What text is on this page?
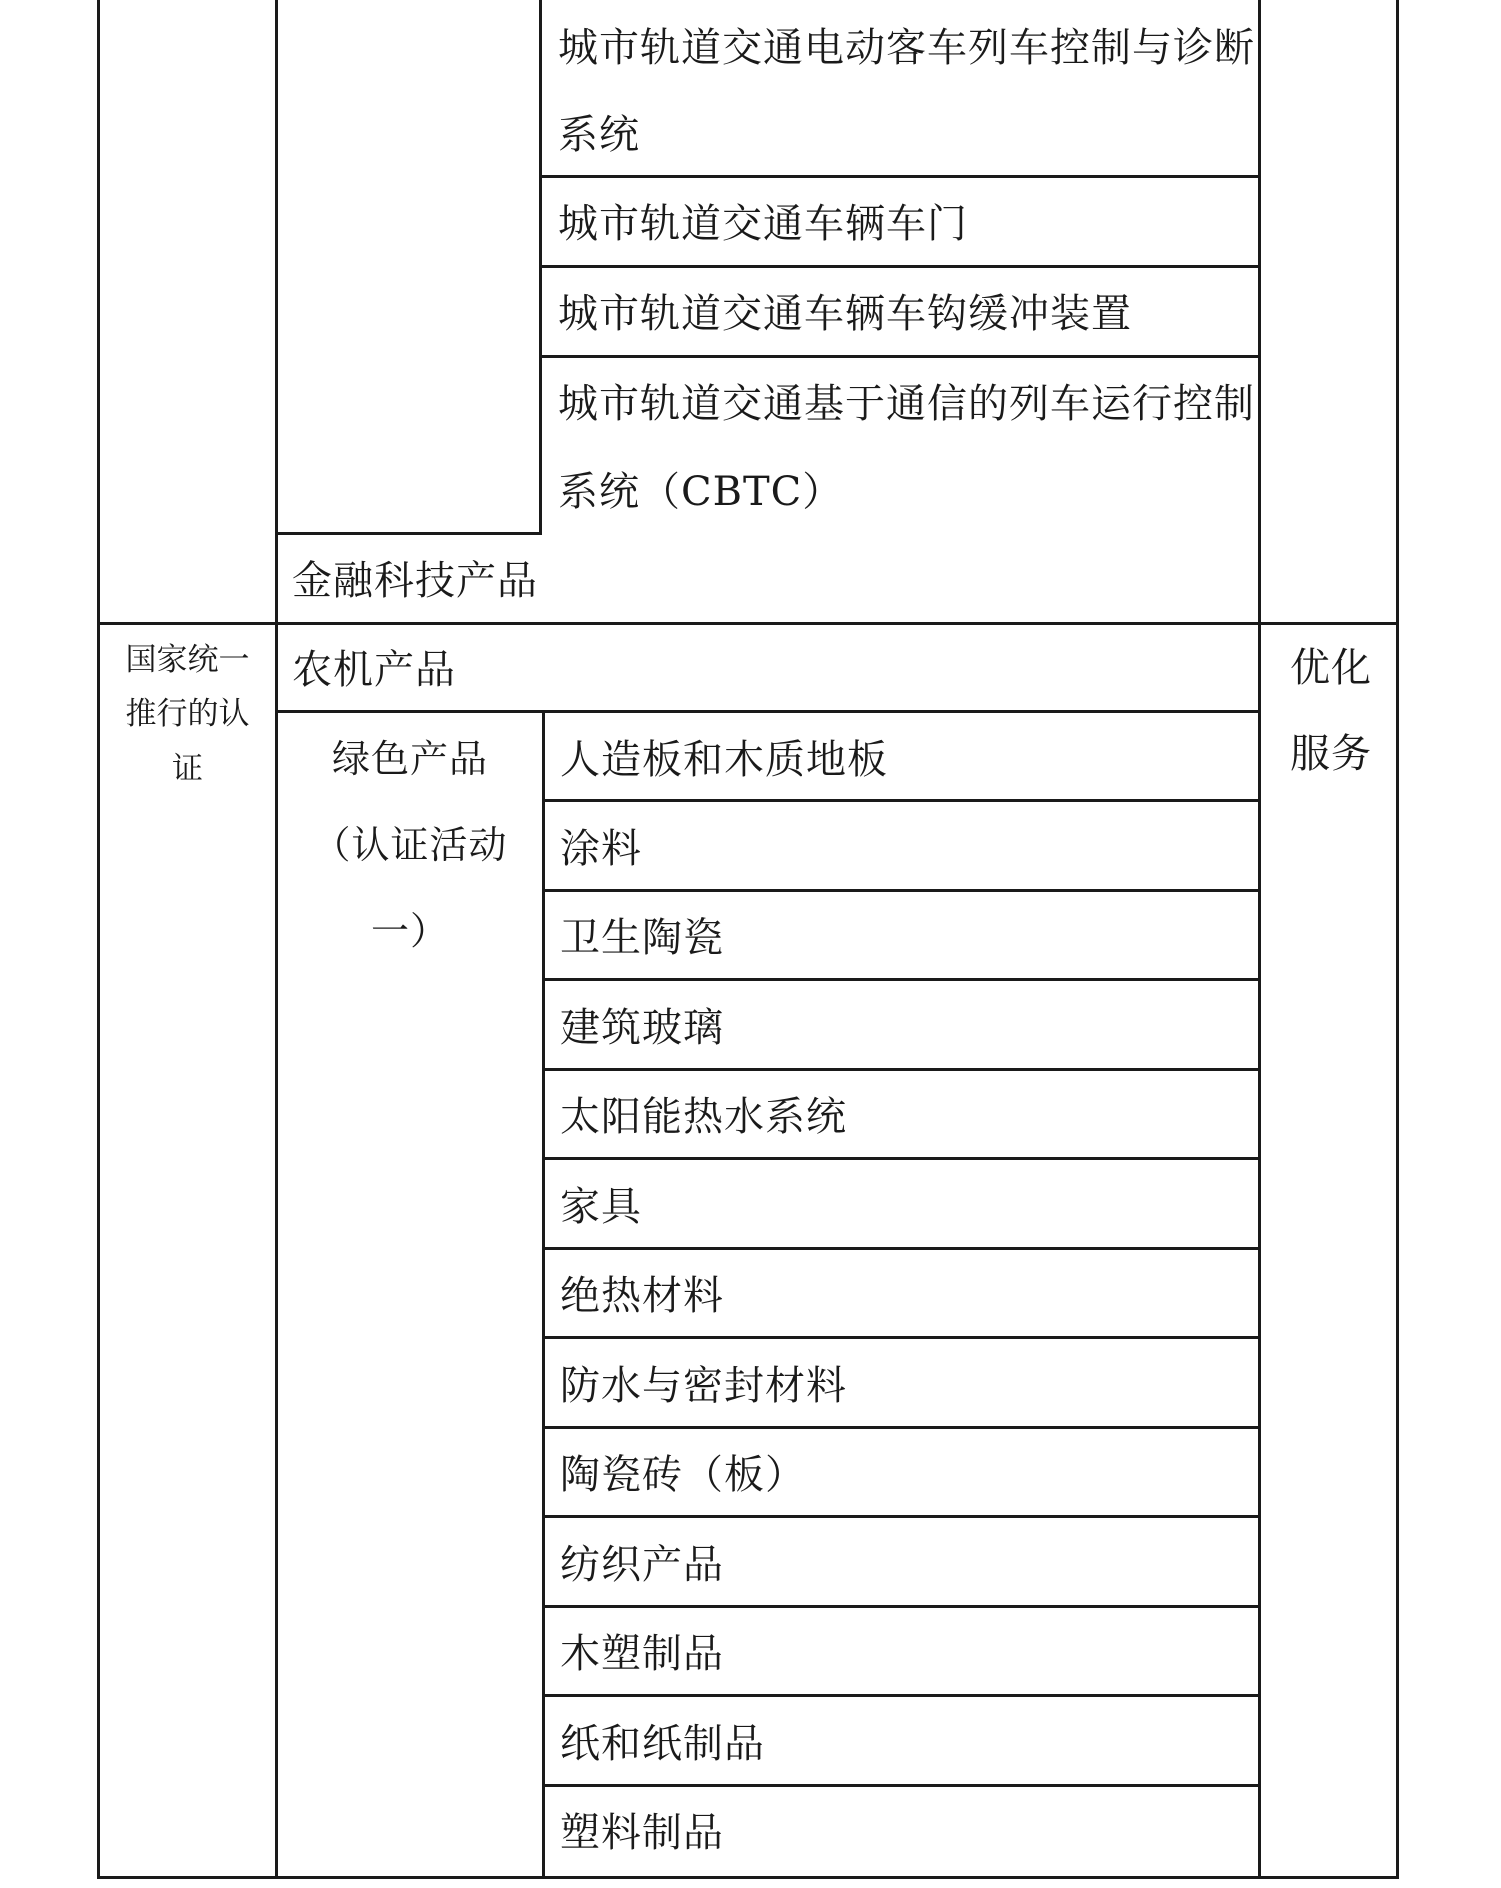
城市轨道交通电动客车列车控制与诊断
系统
城市轨道交通车辆车门
城市轨道交通车辆车钩缓冲装置
城市轨道交通基于通信的列车运行控制
系统（CBTC）
金融科技产品
国家统一
推行的认
证
农机产品
绿色产品
（认证活动
一）
人造板和木质地板
涂料
卫生陶瓷
建筑玻璃
太阳能热水系统
家具
绝热材料
防水与密封材料
陶瓷砖（板）
纺织产品
木塑制品
纸和纸制品
塑料制品
优化
服务
